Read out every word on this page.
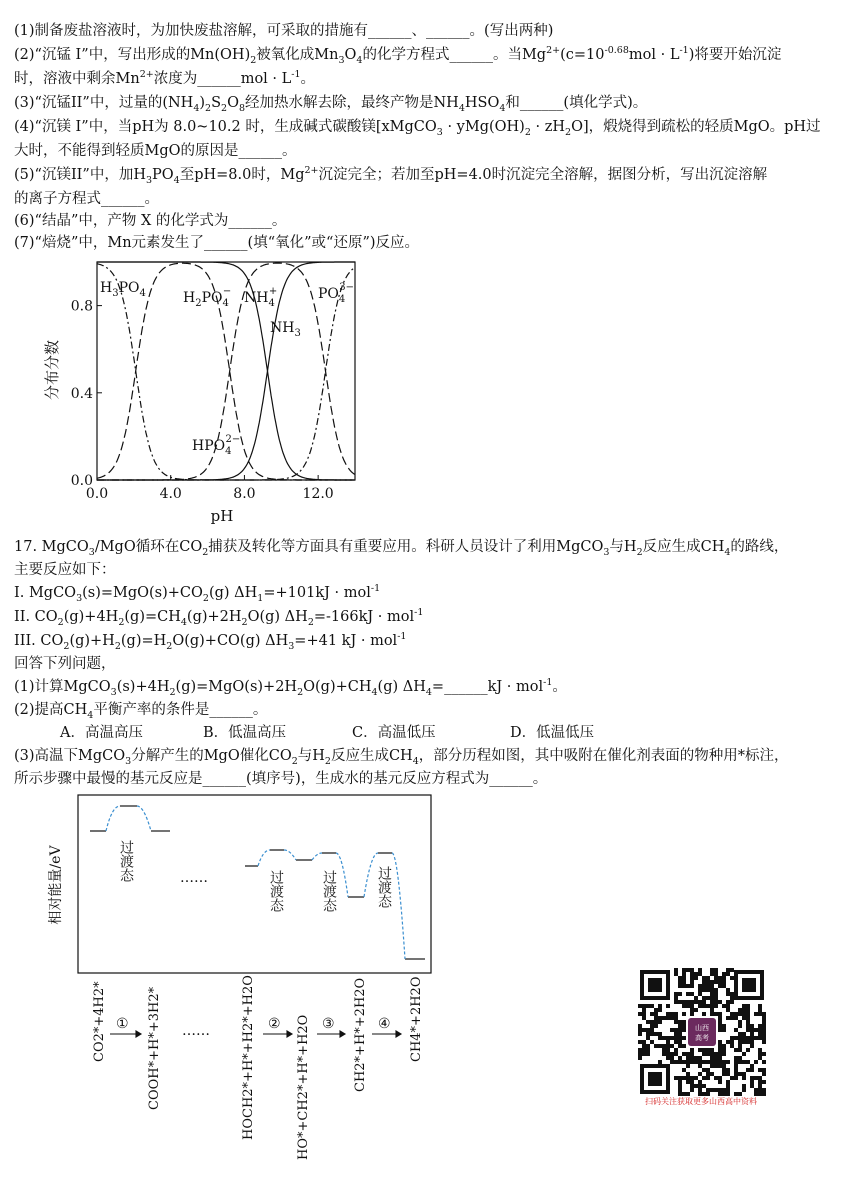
(1)制备废盐溶液时，为加快废盐溶解，可采取的措施有______、______。(写出两种)
(2)“沉锰 I”中，写出形成的$Mn(OH)_2$被氧化成$Mn_3O_4$的化学方程式______。当$Mg^{2+}(c=10^{-0.68}mol \cdot L^{-1})$将要开始沉淀
时，溶液中剩余$Mn^{2+}$浓度为______mol · $L^{-1}$。
(3)“沉锰II”中，过量的$(NH_4)_2S_2O_8$经加热水解去除，最终产物是$NH_4HSO_4$和______(填化学式)。
(4)“沉镁 I”中，当pH为 8.0~10.2 时，生成碱式碳酸镁[xMgCO$_3$ · $yMg(OH)_2 \cdot zH_2O$]，煅烧得到疏松的轻质MgO。pH过
大时，不能得到轻质MgO的原因是______。
(5)“沉镁II”中，加$H_3PO_4$至pH=8.0时，$Mg^{2+}$沉淀完全；若加至pH=4.0时沉淀完全溶解，据图分析，写出沉淀溶解
的离子方程式______。
(6)“结晶”中，产物 X 的化学式为______。
(7)“焙烧”中，Mn元素发生了______(填“氧化”或“还原”)反应。
0.0	4.0	8.0	12.0
0.0
0.4
0.8
分布分数
pH
$H_3PO_4$	$H_2PO_4- NH_4+$
$NH_3$
$PO_43-$
$HPO_42-$
17. MgCO$_3$/MgO循环在$CO_2$捕获及转化等方面具有重要应用。科研人员设计了利用MgCO$_3$与$H_2$反应生成$CH_4$的路线，
主要反应如下：
I. $MgCO_3(s)=MgO(s)+CO_2(g) \Delta H_1=+101kJ \cdot mol^{-1}$
II. $CO_2(g)+4H_2(g)=CH_4(g)+2H_2O(g) \Delta H_2=-166kJ \cdot mol^{-1}$
III. $CO_2(g)+H_2(g)=H_2O(g)+CO(g)$ $\Delta H_3=+41$ kJ · mol$^{-1}$
回答下列问题，
(1)计算$MgCO_3(s)+4H_2(g)=MgO(s)+2H_2O(g)+CH_4(g)$ $\Delta H_4=\_\_\_\_\_\_kJ \cdot mol^{-1}$。
(2)提高$CH_4$平衡产率的条件是______。
A．高温高压	B．低温高压	C．高温低压	D．低温低压
(3)高温下MgCO$_3$分解产生的MgO催化$CO_2$与$H_2$反应生成$CH_4$，部分历程如图，其中吸附在催化剂表面的物种用*标注，
所示步骤中最慢的基元反应是______(填序号)，生成水的基元反应方程式为______。
相对能量/eV	过渡态
过渡态	过渡态	过渡态
……
CO2*+4H2*	COOH*+H*+3H2*	HOCH2*+H*+H2*+H2O	HO*+CH2*+H*+H2O	CH2*+H*+2H2O	CH4*+2H2O
①	②	③	④
……	山西
高考
扫码关注获取更多山西高中资料
